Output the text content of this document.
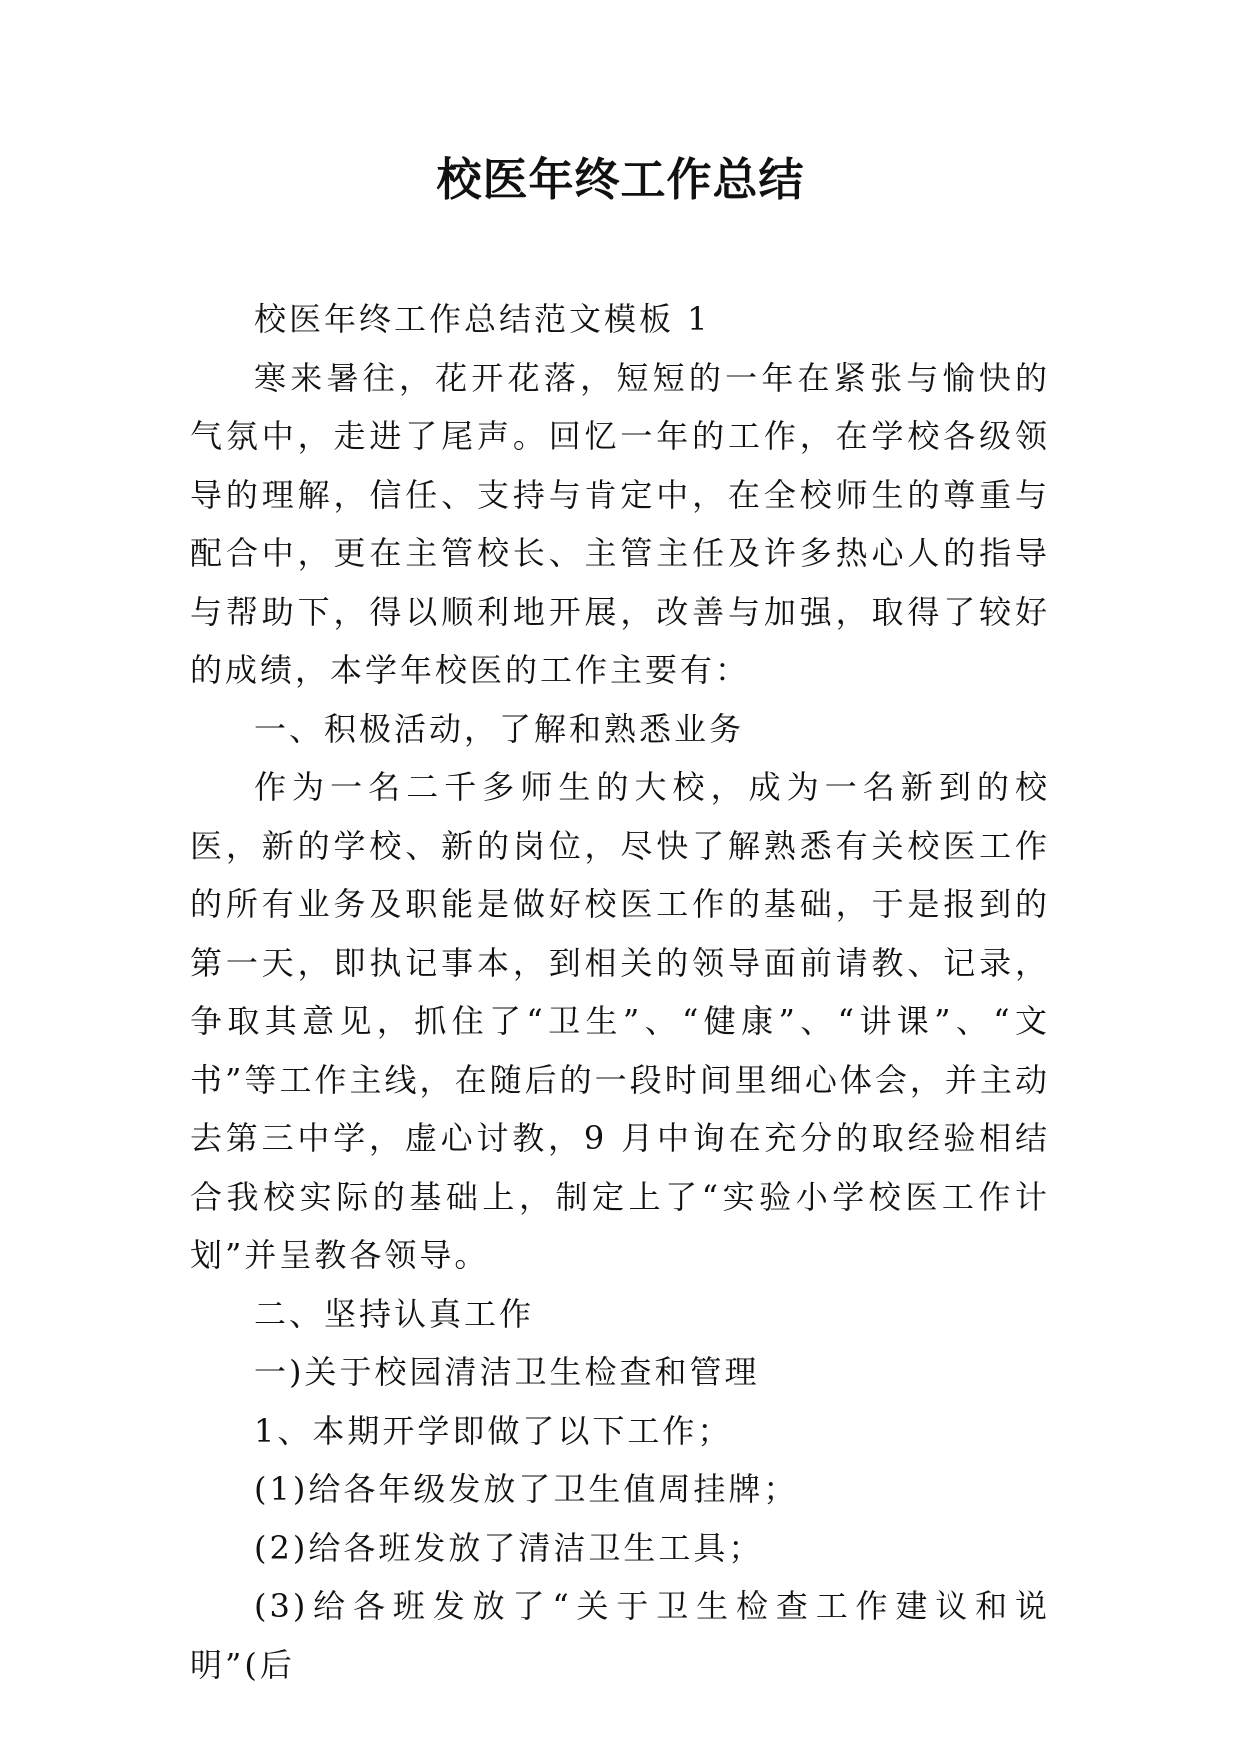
校医年终工作总结

校医年终工作总结范文模板 1

寒来暑往，花开花落，短短的一年在紧张与愉快的气氛中，走进了尾声。回忆一年的工作，在学校各级领导的理解，信任、支持与肯定中，在全校师生的尊重与配合中，更在主管校长、主管主任及许多热心人的指导与帮助下，得以顺利地开展，改善与加强，取得了较好的成绩，本学年校医的工作主要有：

一、积极活动，了解和熟悉业务

作为一名二千多师生的大校，成为一名新到的校医，新的学校、新的岗位，尽快了解熟悉有关校医工作的所有业务及职能是做好校医工作的基础，于是报到的第一天，即执记事本，到相关的领导面前请教、记录，争取其意见，抓住了“卫生”、“健康”、“讲课”、“文书”等工作主线，在随后的一段时间里细心体会，并主动去第三中学，虚心讨教，9 月中询在充分的取经验相结合我校实际的基础上，制定上了“实验小学校医工作计划”并呈教各领导。

二、坚持认真工作

一)关于校园清洁卫生检查和管理

1、本期开学即做了以下工作；

(1)给各年级发放了卫生值周挂牌；

(2)给各班发放了清洁卫生工具；

(3)给各班发放了“关于卫生检查工作建议和说明”(后
